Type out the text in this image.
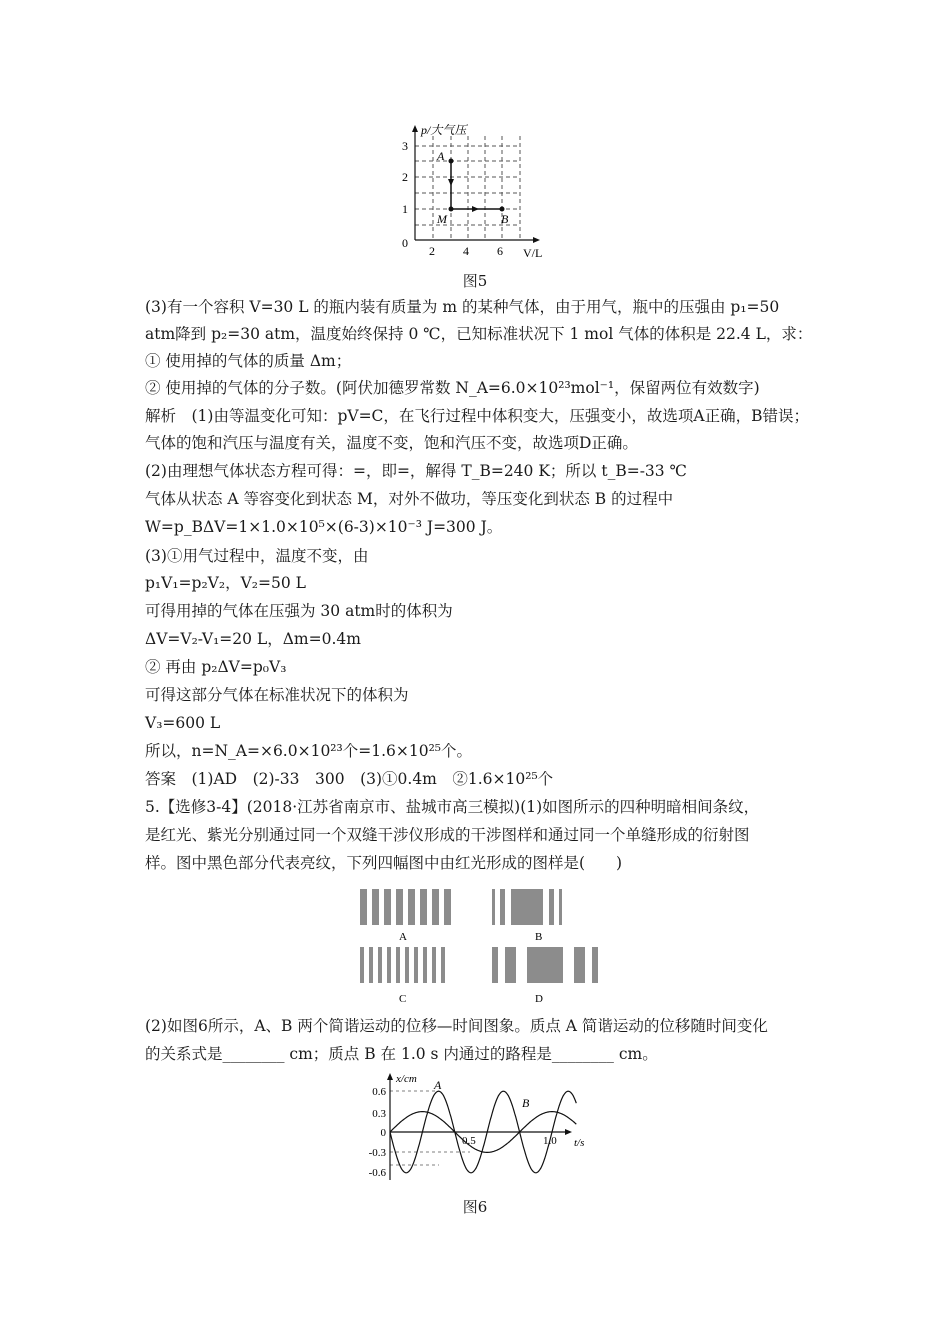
p/大气压
V/L
3
2
1
0
2 4 6
A
M	B
图5
(3)有一个容积 V=30 L 的瓶内装有质量为 m 的某种气体，由于用气，瓶中的压强由 p₁=50
atm降到 p₂=30 atm，温度始终保持 0 ℃，已知标准状况下 1 mol 气体的体积是 22.4 L，求：
① 使用掉的气体的质量 Δm；
② 使用掉的气体的分子数。(阿伏加德罗常数 N_A=6.0×10²³mol⁻¹，保留两位有效数字)
解析　(1)由等温变化可知：pV=C，在飞行过程中体积变大，压强变小，故选项A正确，B错误；
气体的饱和汽压与温度有关，温度不变，饱和汽压不变，故选项D正确。
(2)由理想气体状态方程可得：=，即=，解得 T_B=240 K；所以 t_B=-33 ℃
气体从状态 A 等容变化到状态 M，对外不做功，等压变化到状态 B 的过程中
W=p_BΔV=1×1.0×10⁵×(6-3)×10⁻³ J=300 J。
(3)①用气过程中，温度不变，由
p₁V₁=p₂V₂，V₂=50 L
可得用掉的气体在压强为 30 atm时的体积为
ΔV=V₂-V₁=20 L，Δm=0.4m
② 再由 p₂ΔV=p₀V₃
可得这部分气体在标准状况下的体积为
V₃=600 L
所以，n=N_A=×6.0×10²³个=1.6×10²⁵个。
答案　(1)AD　(2)-33　300　(3)①0.4m　②1.6×10²⁵个
5.【选修3-4】(2018·江苏省南京市、盐城市高三模拟)(1)如图所示的四种明暗相间条纹，
是红光、紫光分别通过同一个双缝干涉仪形成的干涉图样和通过同一个单缝形成的衍射图
样。图中黑色部分代表亮纹，下列四幅图中由红光形成的图样是(　　)
A	B
C	D
(2)如图6所示，A、B 两个简谐运动的位移—时间图象。质点 A 简谐运动的位移随时间变化
的关系式是________ cm；质点 B 在 1.0 s 内通过的路程是________ cm。
x/cm
t/s
0.6
0.3
0
-0.3
-0.6
0.5	1.0
A
B
图6
